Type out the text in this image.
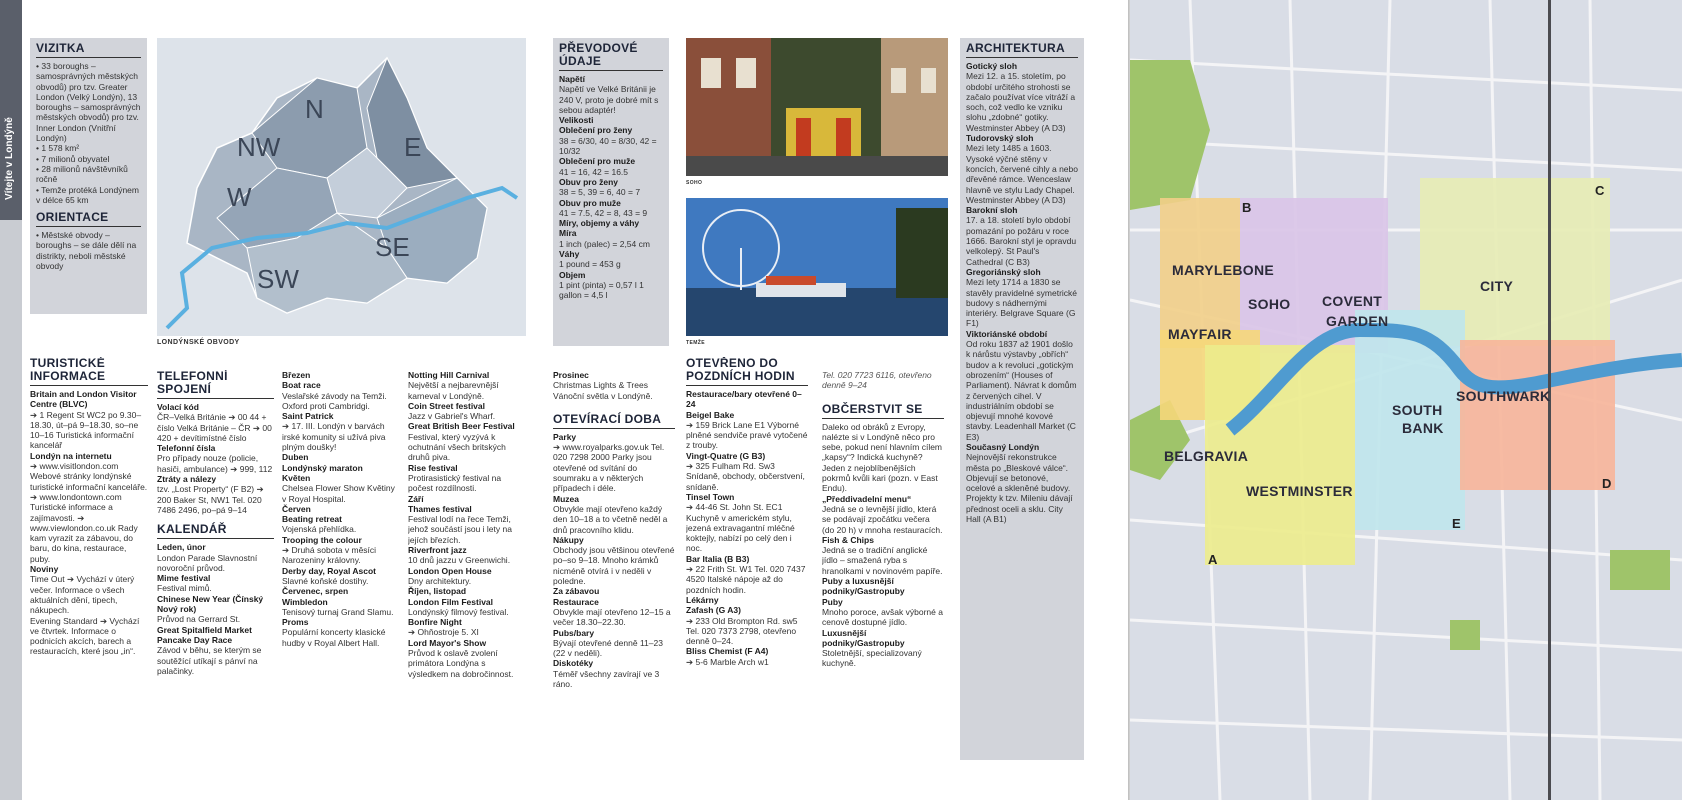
Vítejte v Londýně
VIZITKA
• 33 boroughs – samosprávných městských obvodů) pro tzv. Greater London (Velký Londýn), 13 boroughs – samosprávných městských obvodů) pro tzv. Inner London (Vnitřní Londýn)
• 1 578 km²
• 7 milionů obyvatel
• 28 milionů návštěvníků ročně
• Temže protéká Londýnem v délce 65 km
ORIENTACE
• Městské obvody – boroughs – se dále dělí na distrikty, neboli městské obvody
N
NW	E
W
SE
SW
LONDÝNSKÉ OBVODY
TURISTICKÉ INFORMACE
Britain and London Visitor Centre (BLVC)
➔ 1 Regent St WC2 po 9.30–18.30, út–pá 9–18.30, so–ne 10–16 Turistická informační kancelář
Londýn na internetu
➔ www.visitlondon.com Webové stránky londýnské turistické informační kanceláře. ➔ www.londontown.com Turistické informace a zajímavosti. ➔ www.viewlondon.co.uk Rady kam vyrazit za zábavou, do baru, do kina, restaurace, puby.
Noviny
Time Out ➔ Vychází v úterý večer. Informace o všech aktuálních dění, tipech, nákupech.
Evening Standard ➔ Vychází ve čtvrtek. Informace o podnicích akcích, barech a restauracích, které jsou „in“.
TELEFONNÍ SPOJENÍ
Volací kód
ČR–Velká Británie ➔ 00 44 + číslo Velká Británie – ČR ➔ 00 420 + devítimístné číslo
Telefonní čísla
Pro případy nouze (policie, hasiči, ambulance) ➔ 999, 112
Ztráty a nálezy
tzv. „Lost Property“ (F B2) ➔ 200 Baker St, NW1 Tel. 020 7486 2496, po–pá 9–14
KALENDÁŘ
Leden, únor
London Parade Slavnostní novoroční průvod.
Mime festival
Festival mimů.
Chinese New Year (Čínský Nový rok)
Průvod na Gerrard St.
Great Spitalfield Market Pancake Day Race
Závod v běhu, se kterým se soutěžící utíkají s pánví na palačinky.
Březen
Boat race
Veslařské závody na Temži. Oxford proti Cambridgi.
Saint Patrick
➔ 17. III. Londýn v barvách irské komunity si užívá piva plným doušky!
Duben
Londýnský maraton
Květen
Chelsea Flower Show Květiny v Royal Hospital.
Červen
Beating retreat
Vojenská přehlídka.
Trooping the colour
➔ Druhá sobota v měsíci Narozeniny královny.
Derby day, Royal Ascot
Slavné koňské dostihy.
Červenec, srpen
Wimbledon
Tenisový turnaj Grand Slamu.
Proms
Populární koncerty klasické hudby v Royal Albert Hall.
Notting Hill Carnival
Největší a nejbarevnější karneval v Londýně.
Coin Street festival
Jazz v Gabriel's Wharf.
Great British Beer Festival
Festival, který vyzývá k ochutnání všech britských druhů piva.
Rise festival
Protirasistický festival na počest rozdílnosti.
Září
Thames festival
Festival lodí na řece Temži, jehož součástí jsou i lety na jejích březích.
Riverfront jazz
10 dnů jazzu v Greenwichi.
London Open House
Dny architektury.
Říjen, listopad
London Film Festival
Londýnský filmový festival.
Bonfire Night
➔ Ohňostroje 5. XI
Lord Mayor's Show
Průvod k oslavě zvolení primátora Londýna s výsledkem na dobročinnost.
PŘEVODOVÉ ÚDAJE
Napětí
Napětí ve Velké Británii je 240 V, proto je dobré mít s sebou adaptér!
Velikosti
Oblečení pro ženy
38 = 6/30, 40 = 8/30, 42 = 10/32
Oblečení pro muže
41 = 16, 42 = 16.5
Obuv pro ženy
38 = 5, 39 = 6, 40 = 7
Obuv pro muže
41 = 7.5, 42 = 8, 43 = 9
Míry, objemy a váhy
Míra
1 inch (palec) = 2,54 cm
Váhy
1 pound = 453 g
Objem
1 pint (pinta) = 0,57 l 1 gallon = 4,5 l
SOHO
TEMŽE
Prosinec
Christmas Lights & Trees
Vánoční světla v Londýně.
OTEVÍRACÍ DOBA
Parky
➔ www.royalparks.gov.uk Tel. 020 7298 2000 Parky jsou otevřené od svítání do soumraku a v některých případech i déle.
Muzea
Obvykle mají otevřeno každý den 10–18 a to včetně neděl a dnů pracovního klidu.
Nákupy
Obchody jsou většinou otevřené po–so 9–18. Mnoho krámků nicméně otvírá i v neděli v poledne.
Za zábavou
Restaurace
Obvykle mají otevřeno 12–15 a večer 18.30–22.30.
Pubs/bary
Bývají otevřené denně 11–23 (22 v neděli).
Diskotéky
Téměř všechny zavírají ve 3 ráno.
OTEVŘENO DO POZDNÍCH HODIN
Restaurace/bary otevřené 0–24
Beigel Bake
➔ 159 Brick Lane E1 Výborné plněné sendviče pravé vytočené z trouby.
Vingt-Quatre (G B3)
➔ 325 Fulham Rd. Sw3 Snídaně, obchody, občerstvení, snídaně.
Tinsel Town
➔ 44-46 St. John St. EC1 Kuchyně v americkém stylu, jezená extravagantní mléčné koktejly, nabízí po celý den i noc.
Bar Italia (B B3)
➔ 22 Frith St. W1 Tel. 020 7437 4520 Italské nápoje až do pozdních hodin.
Lékárny
Zafash (G A3)
➔ 233 Old Brompton Rd. sw5 Tel. 020 7373 2798, otevřeno denně 0–24.
Bliss Chemist (F A4)
➔ 5-6 Marble Arch w1
Tel. 020 7723 6116, otevřeno denně 9–24
OBČERSTVIT SE
Daleko od obráků z Evropy, nalézte si v Londýně něco pro sebe, pokud není hlavním cílem „kapsy“? Indická kuchyně? Jeden z nejoblíbenějších pokrmů kvůli kari (pozn. v East Endu).
„Předdivadelní menu“
Jedná se o levnější jídlo, která se podávají zpočátku večera (do 20 h) v mnoha restauracích.
Fish & Chips
Jedná se o tradiční anglické jídlo – smažená ryba s hranolkami v novinovém papíře.
Puby a luxusnější podniky/Gastropuby
Puby
Mnoho poroce, avšak výborné a cenově dostupné jídlo.
Luxusnější podniky/Gastropuby
Stoletnější, specializovaný kuchyně.
ARCHITEKTURA
Gotický sloh
Mezi 12. a 15. stoletím, po období určitého strohosti se začalo používat více vitráží a soch, což vedlo ke vzniku slohu „zdobné“ gotiky. Westminster Abbey (A D3)
Tudorovský sloh
Mezi lety 1485 a 1603. Vysoké výčné stěny v koncích, červené cihly a nebo dřevěné rámce. Wenceslaw hlavně ve stylu Lady Chapel. Westminster Abbey (A D3)
Barokní sloh
17. a 18. století bylo období pomazání po požáru v roce 1666. Barokní styl je opravdu velkolepý. St Paul's Cathedral (C B3)
Gregoriánský sloh
Mezi lety 1714 a 1830 se stavěly pravidelné symetrické budovy s nádhernými interiéry. Belgrave Square (G F1)
Viktoriánské období
Od roku 1837 až 1901 došlo k nárůstu výstavby „obřích“ budov a k revoluci „gotickým obrozením“ (Houses of Parliament). Návrat k domům z červených cihel. V industriálním období se objevují mnohé kovové stavby. Leadenhall Market (C E3)
Současný Londýn
Nejnovější rekonstrukce města po „Bleskové válce“. Objevují se betonové, ocelové a skleněné budovy. Projekty k tzv. Mileniu dávají přednost oceli a sklu. City Hall (A B1)
A
B
C
D
E
MARYLEBONE
SOHO COVENT
GARDEN
CITY
MAYFAIR
SOUTH
BANK
SOUTHWARK
BELGRAVIA
WESTMINSTER
